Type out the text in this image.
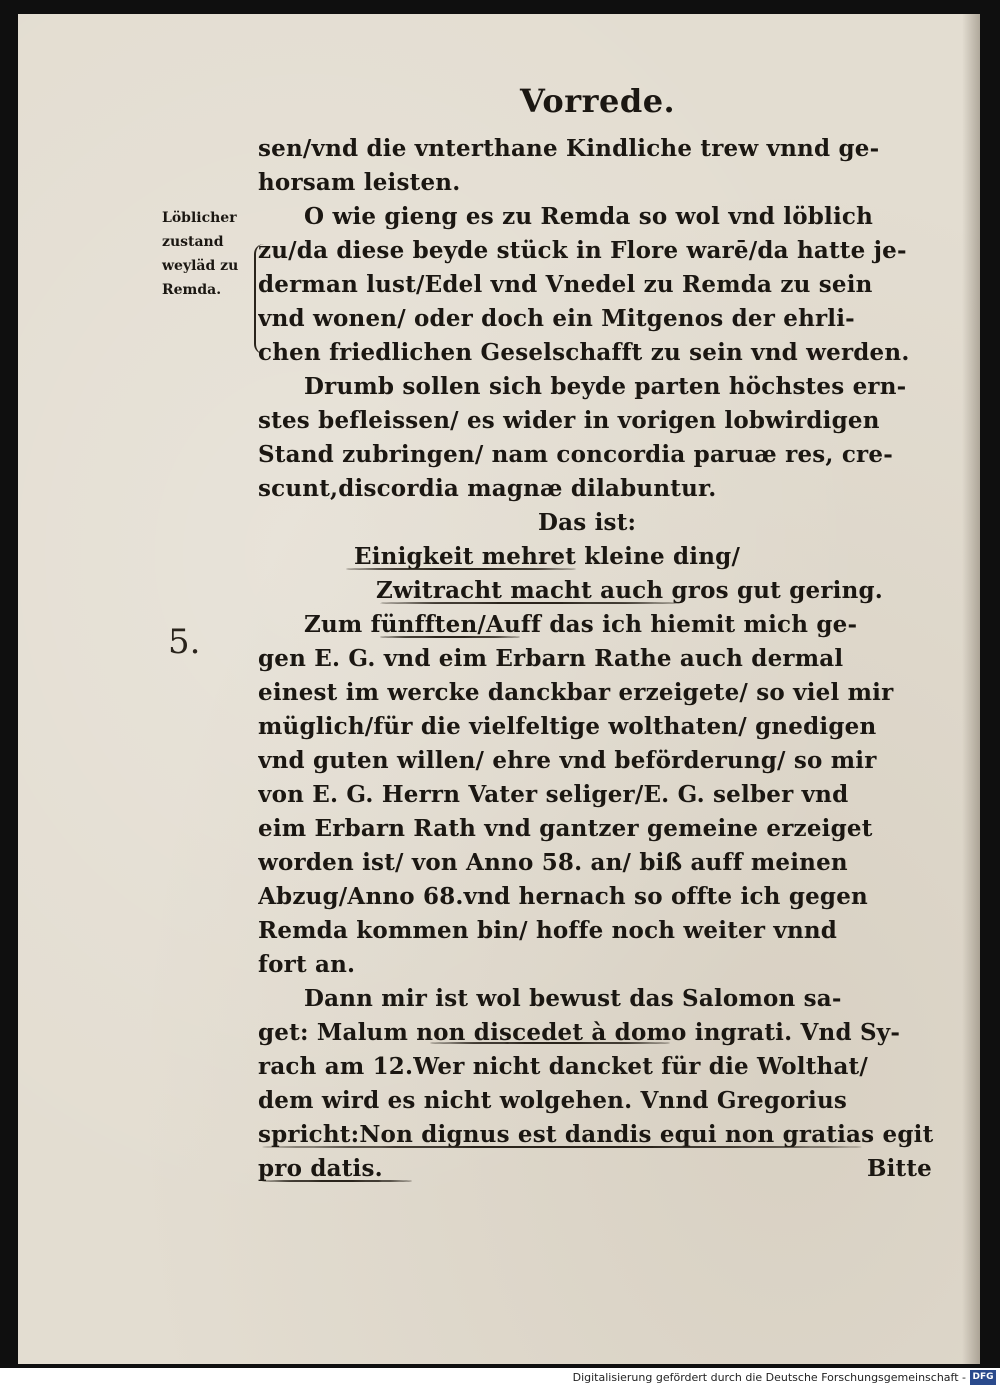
Vorrede.
Löblicher
zustand
weyläd zu
Remda.
5.
sen/vnd die vnterthane Kindliche trew vnnd ge-
horsam leisten.
O wie gieng es zu Remda so wol vnd löblich
zu/da diese beyde stück in Flore warē/da hatte je-
derman lust/Edel vnd Vnedel zu Remda zu sein
vnd wonen/ oder doch ein Mitgenos der ehrli-
chen friedlichen Geselschafft zu sein vnd werden.
Drumb sollen sich beyde parten höchstes ern-
stes befleissen/ es wider in vorigen lobwirdigen
Stand zubringen/ nam concordia paruæ res, cre-
scunt,discordia magnæ dilabuntur.
Das ist:
Einigkeit mehret kleine ding/
Zwitracht macht auch gros gut gering.
Zum fünfften/Auff das ich hiemit mich ge-
gen E. G. vnd eim Erbarn Rathe auch dermal
einest im wercke danckbar erzeigete/ so viel mir
müglich/für die vielfeltige wolthaten/ gnedigen
vnd guten willen/ ehre vnd beförderung/ so mir
von E. G. Herrn Vater seliger/E. G. selber vnd
eim Erbarn Rath vnd gantzer gemeine erzeiget
worden ist/ von Anno 58. an/ biß auff meinen
Abzug/Anno 68.vnd hernach so offte ich gegen
Remda kommen bin/ hoffe noch weiter vnnd
fort an.
Dann mir ist wol bewust das Salomon sa-
get: Malum non discedet à domo ingrati. Vnd Sy-
rach am 12.Wer nicht dancket für die Wolthat/
dem wird es nicht wolgehen. Vnnd Gregorius
spricht:Non dignus est dandis equi non gratias egit
pro datis.	Bitte
Digitalisierung gefördert durch die Deutsche Forschungsgemeinschaft - DFG
